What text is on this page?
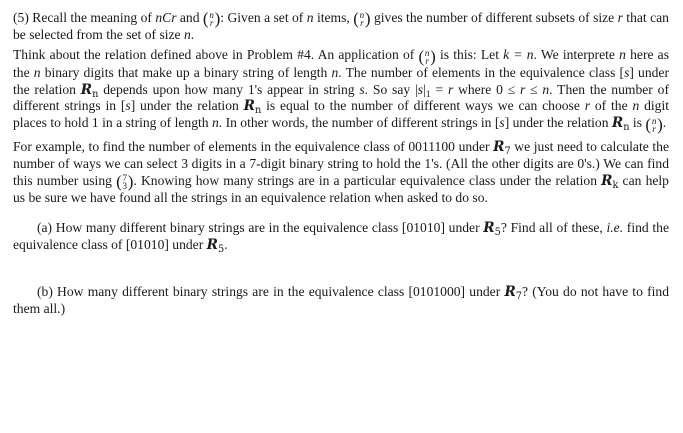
(5) Recall the meaning of nCr and ( n
r ): Given a set of n items, ( n
r ) gives the number of different subsets of size r that can be selected from the set of size n.

Think about the relation defined above in Problem #4. An application of ( n
r ) is this: Let k = n. We interprete n here as the n binary digits that make up a binary string of length n. The number of elements in the equivalence class [s] under the relation $R_n$ depends upon how many 1's appear in string s. So say $|s|_1 = r$ where 0 ≤ r ≤ n. Then the number of different strings in [s] under the relation $R_n$ is equal to the number of different ways we can choose r of the n digit places to hold 1 in a string of length n. In other words, the number of different strings in [s] under the relation $R_n$ is ( n
r ).

For example, to find the number of elements in the equivalence class of 0011100 under $R_7$ we just need to calculate the number of ways we can select 3 digits in a 7-digit binary string to hold the 1's. (All the other digits are 0's.) We can find this number using ( 7
3 ). Knowing how many strings are in a particular equivalence class under the relation $R_k$ can help us be sure we have found all the strings in an equivalence relation when asked to do so.

(a) How many different binary strings are in the equivalence class [01010] under $R_5$? Find all of these, i.e. find the equivalence class of [01010] under $R_5$.

(b) How many different binary strings are in the equivalence class [0101000] under $R_7$? (You do not have to find them all.)
